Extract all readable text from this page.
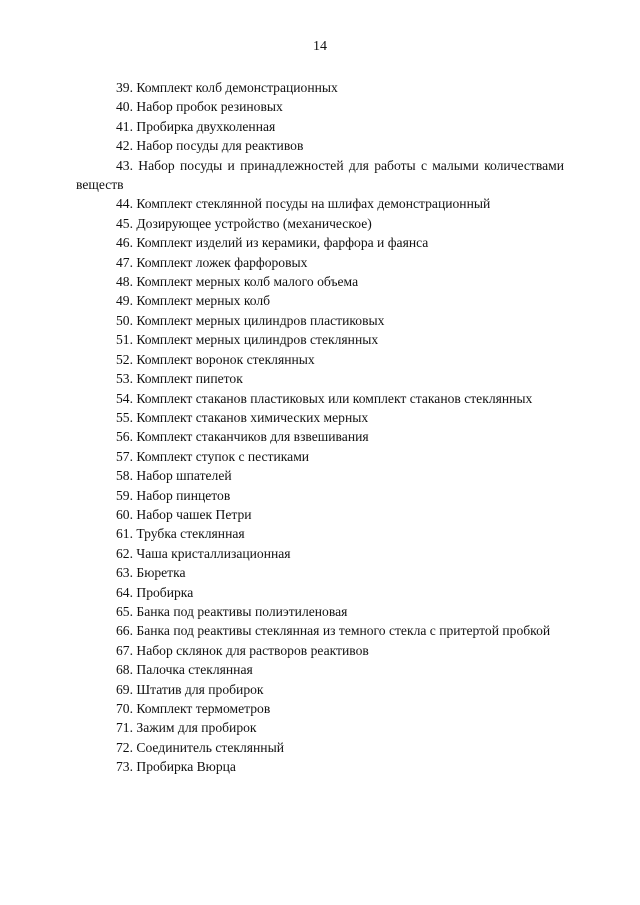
14
39. Комплект колб демонстрационных
40. Набор пробок резиновых
41. Пробирка двухколенная
42. Набор посуды для реактивов
43. Набор посуды и принадлежностей для работы с малыми количествами веществ
44. Комплект стеклянной посуды на шлифах демонстрационный
45. Дозирующее устройство (механическое)
46. Комплект изделий из керамики, фарфора и фаянса
47. Комплект ложек фарфоровых
48. Комплект мерных колб малого объема
49. Комплект мерных колб
50. Комплект мерных цилиндров пластиковых
51. Комплект мерных цилиндров стеклянных
52. Комплект воронок стеклянных
53. Комплект пипеток
54. Комплект стаканов пластиковых или комплект стаканов стеклянных
55. Комплект стаканов химических мерных
56. Комплект стаканчиков для взвешивания
57. Комплект ступок с пестиками
58. Набор шпателей
59. Набор пинцетов
60. Набор чашек Петри
61. Трубка стеклянная
62. Чаша кристаллизационная
63. Бюретка
64. Пробирка
65. Банка под реактивы полиэтиленовая
66. Банка под реактивы стеклянная из темного стекла с притертой пробкой
67. Набор склянок для растворов реактивов
68. Палочка стеклянная
69. Штатив для пробирок
70. Комплект термометров
71. Зажим для пробирок
72. Соединитель стеклянный
73. Пробирка Вюрца
